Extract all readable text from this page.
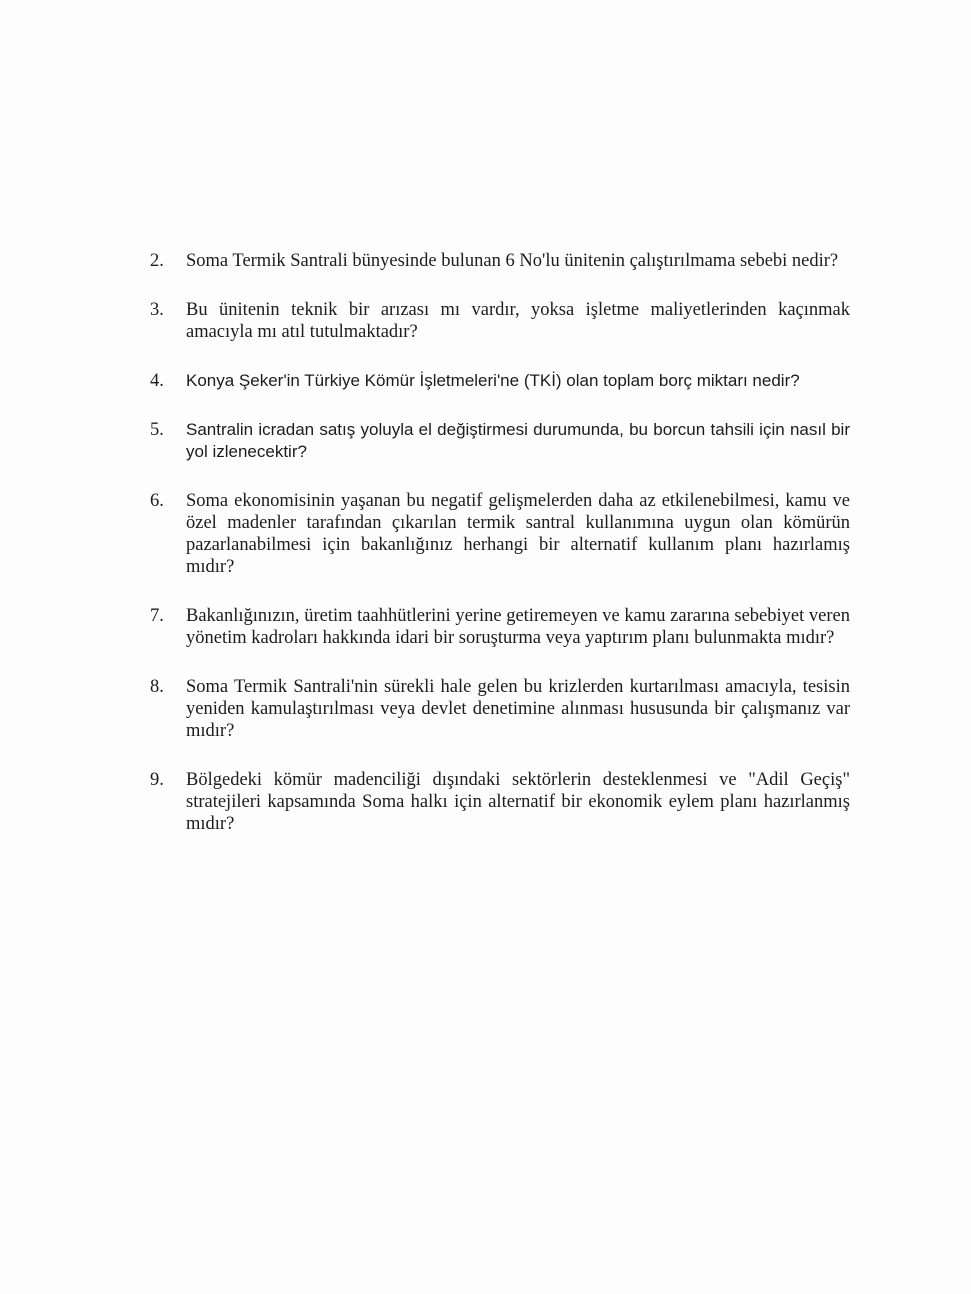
2.	Soma Termik Santrali bünyesinde bulunan 6 No'lu ünitenin çalıştırılmama sebebi nedir?
3.	Bu ünitenin teknik bir arızası mı vardır, yoksa işletme maliyetlerinden kaçınmak amacıyla mı atıl tutulmaktadır?
4.	Konya Şeker'in Türkiye Kömür İşletmeleri'ne (TKİ) olan toplam borç miktarı nedir?
5.	Santralin icradan satış yoluyla el değiştirmesi durumunda, bu borcun tahsili için nasıl bir yol izlenecektir?
6.	Soma ekonomisinin yaşanan bu negatif gelişmelerden daha az etkilenebilmesi, kamu ve özel madenler tarafından çıkarılan termik santral kullanımına uygun olan kömürün pazarlanabilmesi için bakanlığınız herhangi bir alternatif kullanım planı hazırlamış mıdır?
7.	Bakanlığınızın, üretim taahhütlerini yerine getiremeyen ve kamu zararına sebebiyet veren yönetim kadroları hakkında idari bir soruşturma veya yaptırım planı bulunmakta mıdır?
8.	Soma Termik Santrali'nin sürekli hale gelen bu krizlerden kurtarılması amacıyla, tesisin yeniden kamulaştırılması veya devlet denetimine alınması hususunda bir çalışmanız var mıdır?
9.	Bölgedeki kömür madenciliği dışındaki sektörlerin desteklenmesi ve "Adil Geçiş" stratejileri kapsamında Soma halkı için alternatif bir ekonomik eylem planı hazırlanmış mıdır?
